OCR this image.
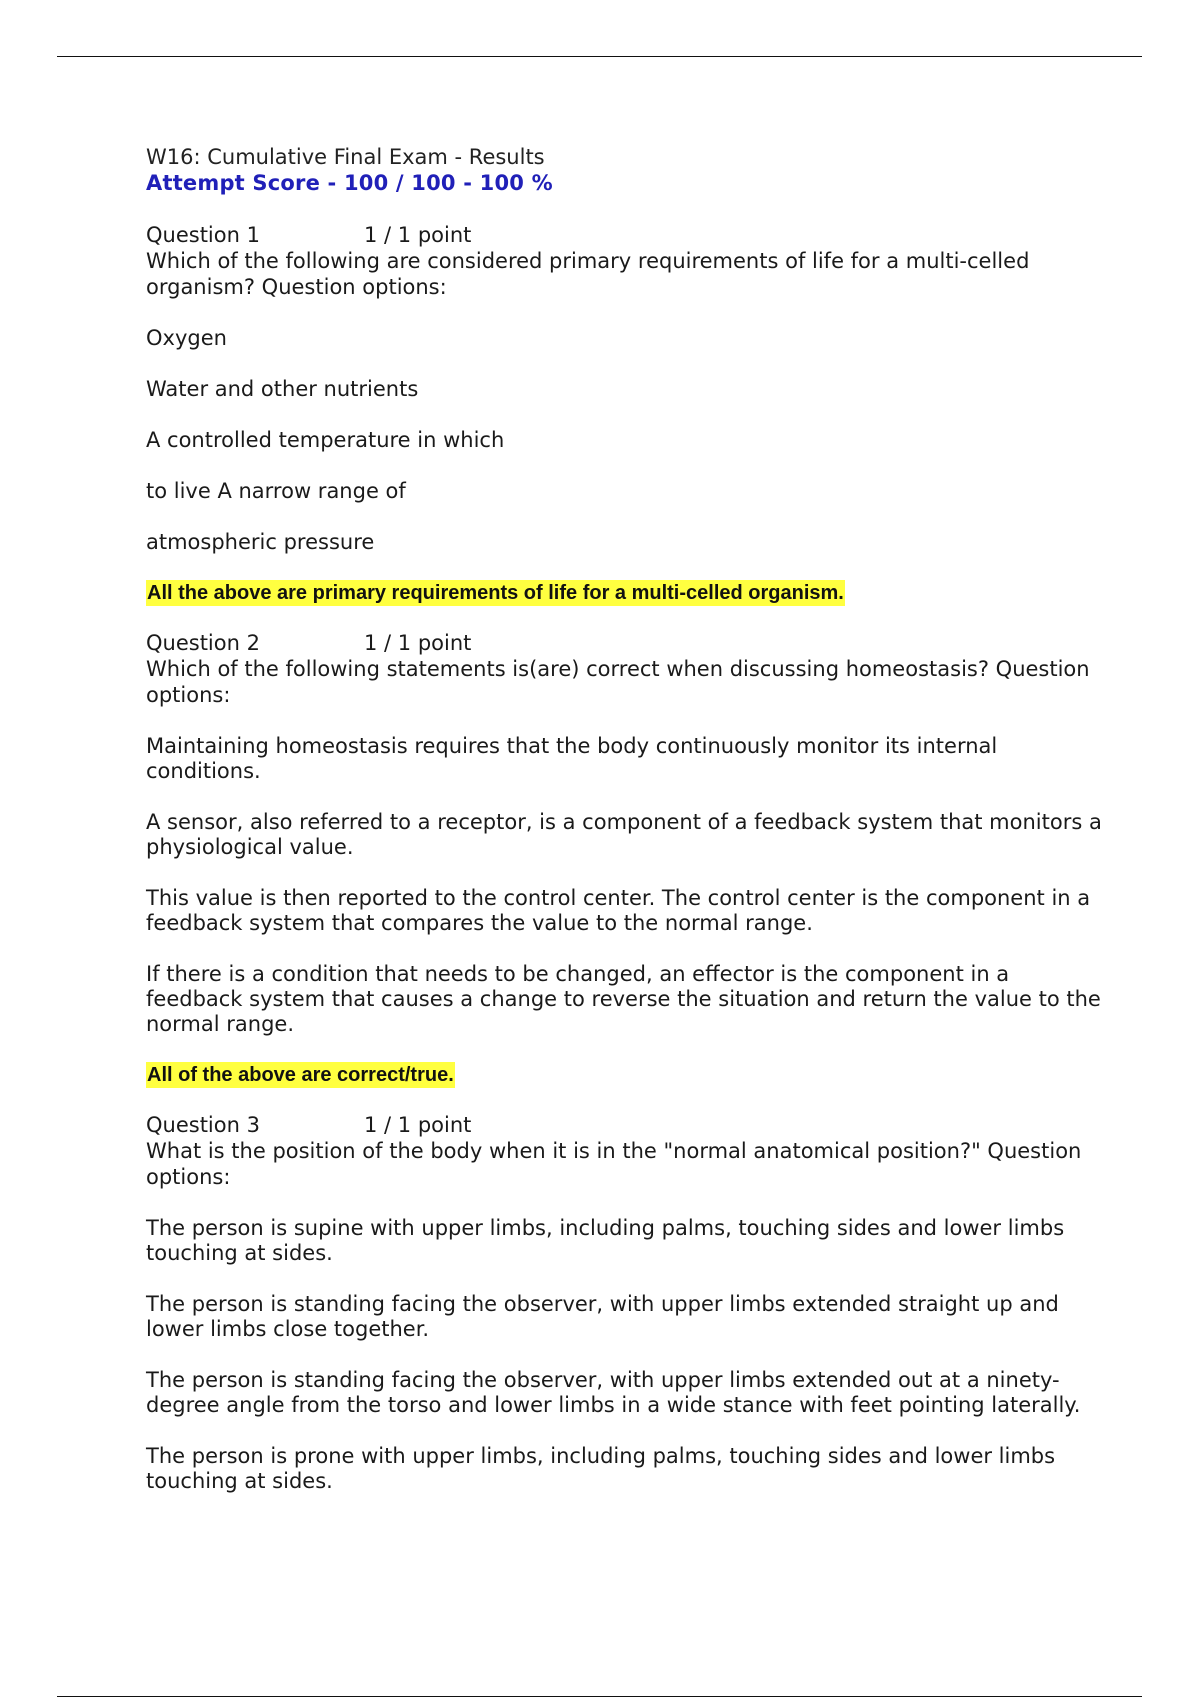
W16: Cumulative Final Exam - Results
Attempt Score - 100 / 100 - 100 %
Question 1	1 / 1 point
Which of the following are considered primary requirements of life for a multi-celled organism? Question options:
Oxygen
Water and other nutrients
A controlled temperature in which
to live A narrow range of
atmospheric pressure
All the above are primary requirements of life for a multi-celled organism.
Question 2	1 / 1 point
Which of the following statements is(are) correct when discussing homeostasis? Question options:
Maintaining homeostasis requires that the body continuously monitor its internal conditions.
A sensor, also referred to a receptor, is a component of a feedback system that monitors a physiological value.
This value is then reported to the control center. The control center is the component in a feedback system that compares the value to the normal range.
If there is a condition that needs to be changed, an effector is the component in a feedback system that causes a change to reverse the situation and return the value to the normal range.
All of the above are correct/true.
Question 3	1 / 1 point
What is the position of the body when it is in the "normal anatomical position?" Question options:
The person is supine with upper limbs, including palms, touching sides and lower limbs touching at sides.
The person is standing facing the observer, with upper limbs extended straight up and lower limbs close together.
The person is standing facing the observer, with upper limbs extended out at a ninety-degree angle from the torso and lower limbs in a wide stance with feet pointing laterally.
The person is prone with upper limbs, including palms, touching sides and lower limbs touching at sides.
